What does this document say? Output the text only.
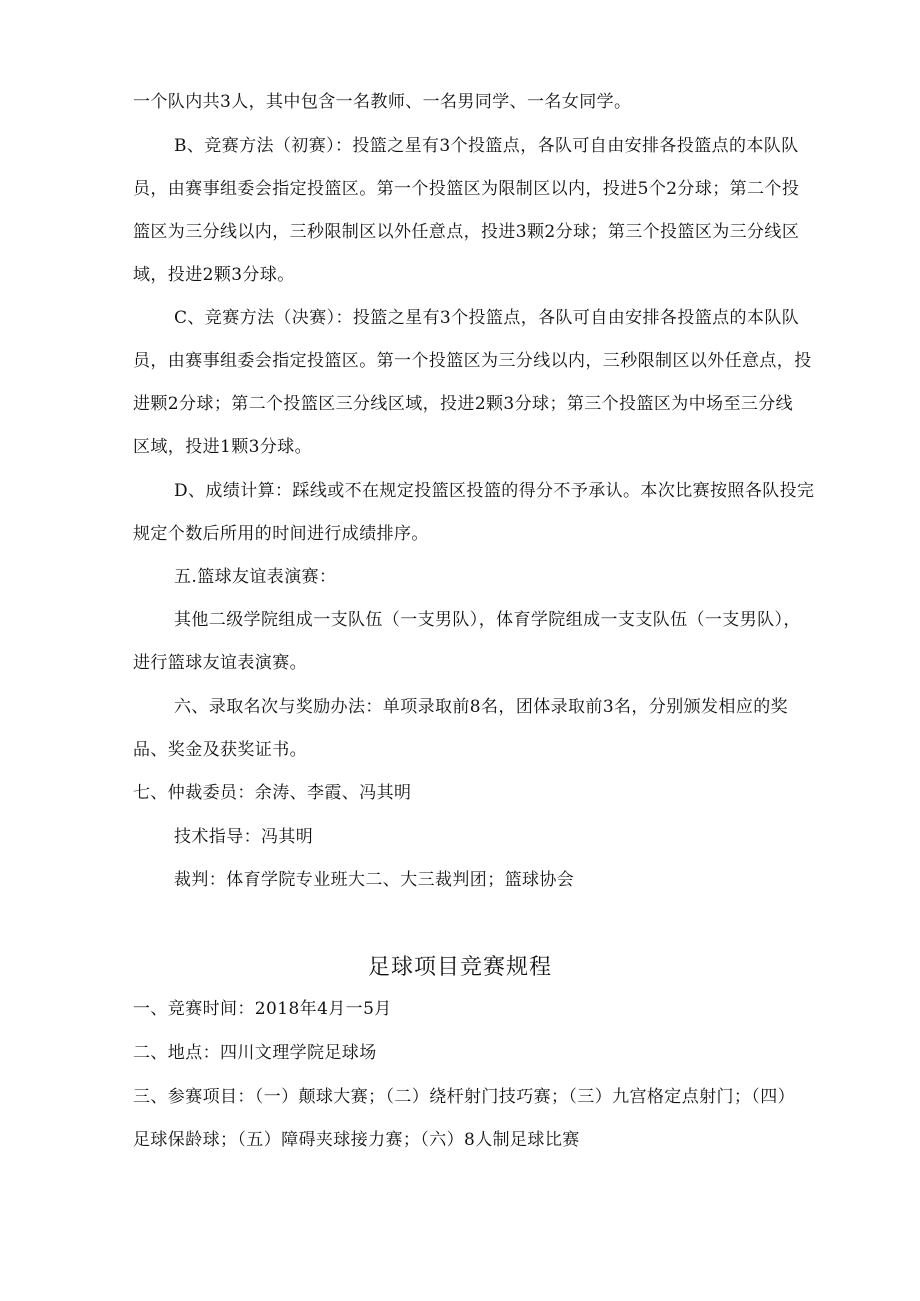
一个队内共3人，其中包含一名教师、一名男同学、一名女同学。
B、竞赛方法（初赛）：投篮之星有3个投篮点，各队可自由安排各投篮点的本队队
员，由赛事组委会指定投篮区。第一个投篮区为限制区以内，投进5个2分球；第二个投
篮区为三分线以内，三秒限制区以外任意点，投进3颗2分球；第三个投篮区为三分线区
域，投进2颗3分球。
C、竞赛方法（决赛）：投篮之星有3个投篮点，各队可自由安排各投篮点的本队队
员，由赛事组委会指定投篮区。第一个投篮区为三分线以内，三秒限制区以外任意点，投
进颗2分球；第二个投篮区三分线区域，投进2颗3分球；第三个投篮区为中场至三分线
区域，投进1颗3分球。
D、成绩计算：踩线或不在规定投篮区投篮的得分不予承认。本次比赛按照各队投完
规定个数后所用的时间进行成绩排序。
五.篮球友谊表演赛：
其他二级学院组成一支队伍（一支男队），体育学院组成一支支队伍（一支男队），
进行篮球友谊表演赛。
六、录取名次与奖励办法：单项录取前8名，团体录取前3名，分别颁发相应的奖
品、奖金及获奖证书。
七、仲裁委员：余涛、李霞、冯其明
技术指导：冯其明
裁判：体育学院专业班大二、大三裁判团；篮球协会
足球项目竞赛规程
一、竞赛时间：2018年4月一5月
二、地点：四川文理学院足球场
三、参赛项目：（一）颠球大赛；（二）绕杆射门技巧赛；（三）九宫格定点射门；（四）
足球保龄球；（五）障碍夹球接力赛；（六）8人制足球比赛
